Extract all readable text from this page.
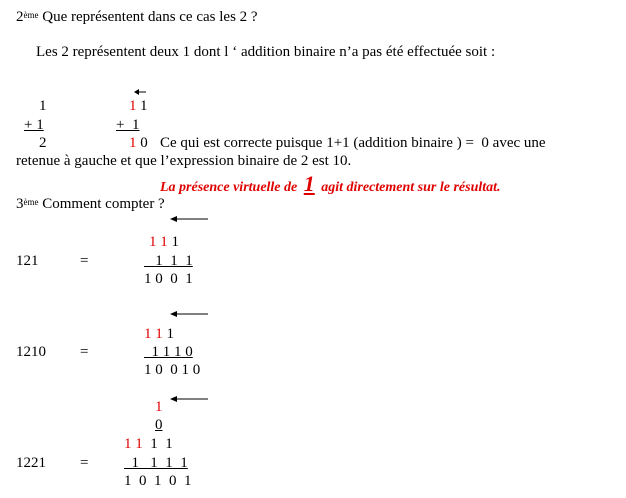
2ème Que représentent dans ce cas les 2 ?
Les 2 représentent deux 1 dont l ‘ addition binaire n’a pas été effectuée soit :
1
+ 1
2
1 1
+  1
1 0 Ce qui est correcte puisque 1+1 (addition binaire ) =  0 avec une
retenue à gauche et que l’expression binaire de 2 est 10.
La présence virtuelle de 1 agit directement sur le résultat.
3ème Comment compter ?
121	=
1 1 1
1  1  1
1 0  0  1
1210 =
1 1 1
1 1 1 0
1 0  0 1 0
1
0
1 1 1  1
1221 =	1   1  1  1
1  0  1  0  1
